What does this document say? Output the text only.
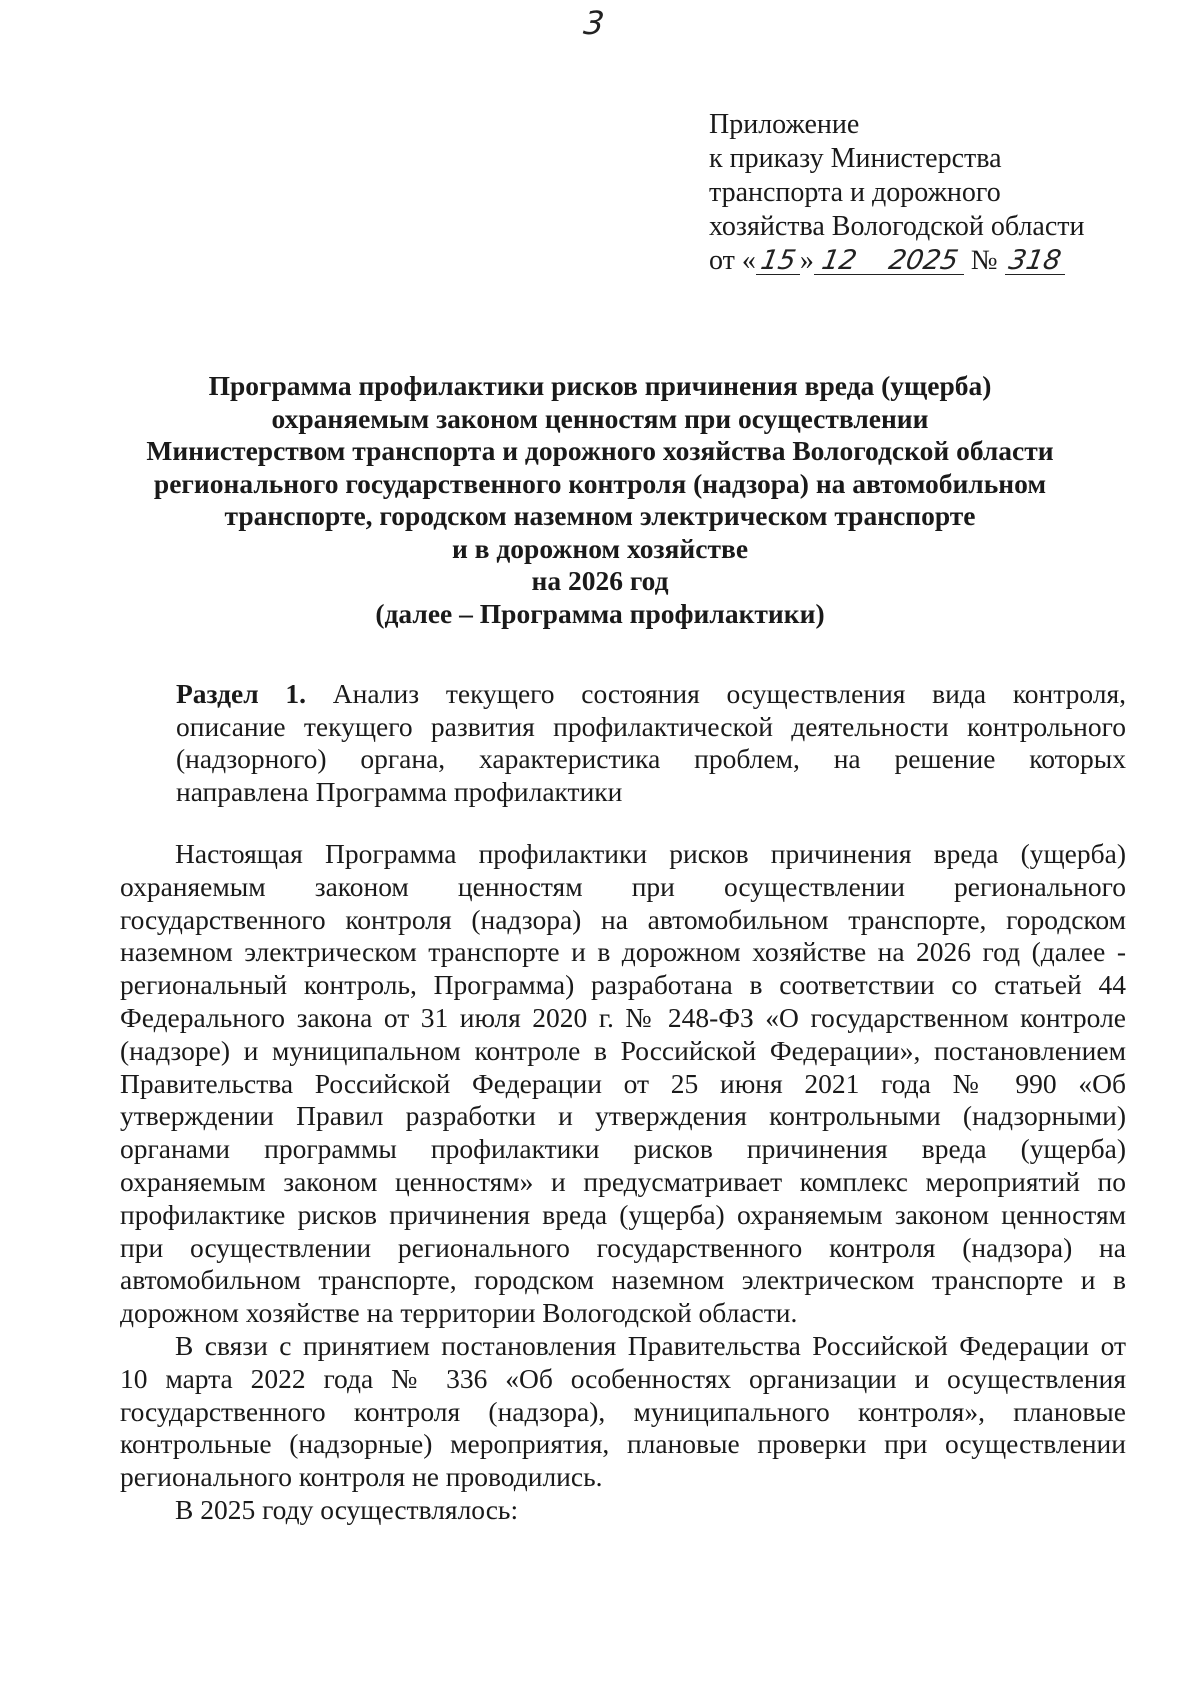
3
Приложение
к приказу Министерства
транспорта и дорожного
хозяйства Вологодской области
от «15» 12 2025 № 318
Программа профилактики рисков причинения вреда (ущерба)
охраняемым законом ценностям при осуществлении
Министерством транспорта и дорожного хозяйства Вологодской области
регионального государственного контроля (надзора) на автомобильном
транспорте, городском наземном электрическом транспорте
и в дорожном хозяйстве
на 2026 год
(далее – Программа профилактики)
Раздел 1. Анализ текущего состояния осуществления вида контроля,
описание текущего развития профилактической деятельности контрольного
(надзорного) органа, характеристика проблем, на решение которых
направлена Программа профилактики
Настоящая Программа профилактики рисков причинения вреда (ущерба)
охраняемым законом ценностям при осуществлении регионального
государственного контроля (надзора) на автомобильном транспорте, городском
наземном электрическом транспорте и в дорожном хозяйстве на 2026 год (далее -
региональный контроль, Программа) разработана в соответствии со статьей 44
Федерального закона от 31 июля 2020 г. № 248-ФЗ «О государственном контроле
(надзоре) и муниципальном контроле в Российской Федерации», постановлением
Правительства Российской Федерации от 25 июня 2021 года № 990 «Об
утверждении Правил разработки и утверждения контрольными (надзорными)
органами программы профилактики рисков причинения вреда (ущерба)
охраняемым законом ценностям» и предусматривает комплекс мероприятий по
профилактике рисков причинения вреда (ущерба) охраняемым законом ценностям
при осуществлении регионального государственного контроля (надзора) на
автомобильном транспорте, городском наземном электрическом транспорте и в
дорожном хозяйстве на территории Вологодской области.
В связи с принятием постановления Правительства Российской Федерации от
10 марта 2022 года № 336 «Об особенностях организации и осуществления
государственного контроля (надзора), муниципального контроля», плановые
контрольные (надзорные) мероприятия, плановые проверки при осуществлении
регионального контроля не проводились.
В 2025 году осуществлялось:
